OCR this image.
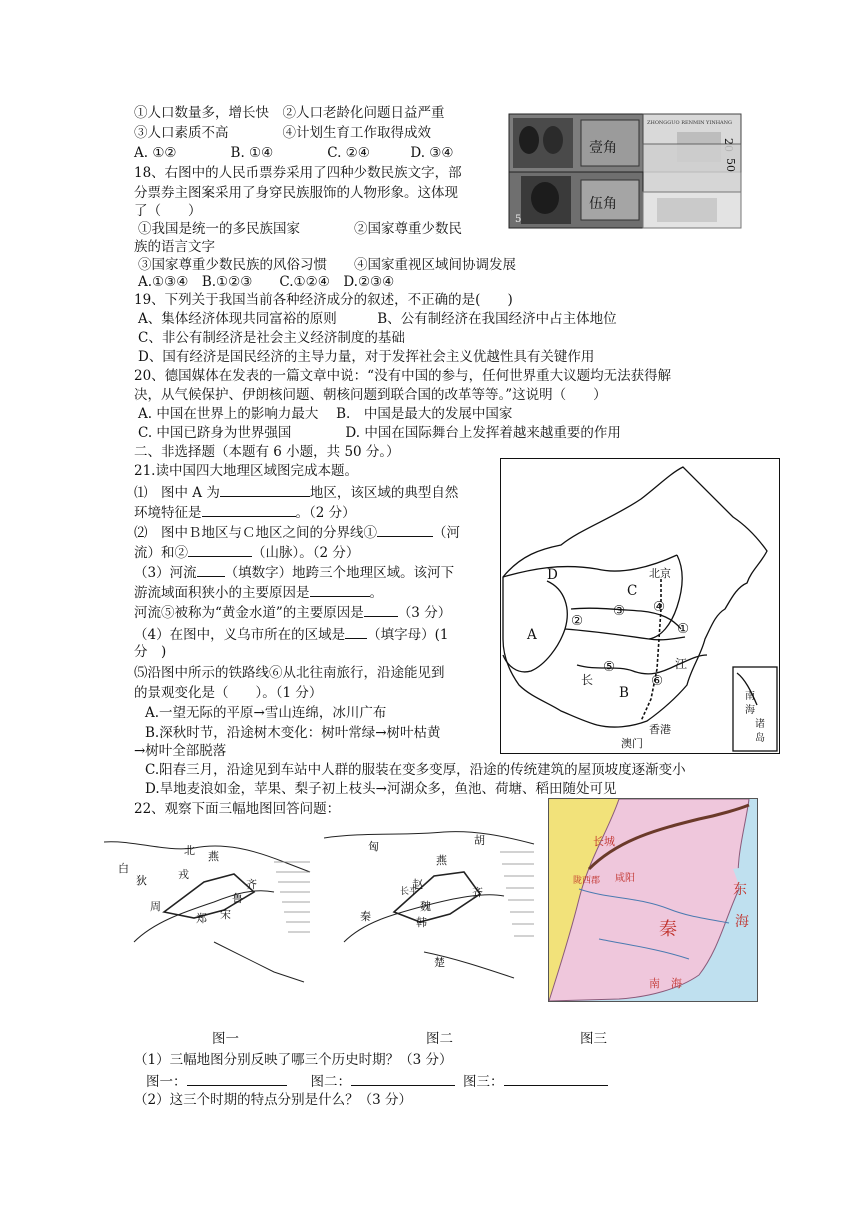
①人口数量多，增长快　②人口老龄化问题日益严重
③人口素质不高　　　　④计划生育工作取得成效
A. ①②　　　　B. ①④　　　　C. ②④　　　D. ③④
18、右图中的人民币票券采用了四种少数民族文字，部
分票券主图案采用了身穿民族服饰的人物形象。这体现
了（　　）
①我国是统一的多民族国家　　　　②国家尊重少数民
族的语言文字
③国家尊重少数民族的风俗习惯　　④国家重视区域间协调发展
A.①③④　B.①②③　　C.①②④　D.②③④
壹角
ZHONGGUO RENMIN YINHANG
50
伍角
5
19、下列关于我国当前各种经济成分的叙述，不正确的是(　　)
A、集体经济体现共同富裕的原则　　　B、公有制经济在我国经济中占主体地位
C、非公有制经济是社会主义经济制度的基础
D、国有经济是国民经济的主导力量，对于发挥社会主义优越性具有关键作用
20、德国媒体在发表的一篇文章中说：“没有中国的参与，任何世界重大议题均无法获得解
决，从气候保护、伊朗核问题、朝核问题到联合国的改革等等。”这说明（　　）
A. 中国在世界上的影响力最大　 B.　中国是最大的发展中国家
C. 中国已跻身为世界强国　　　　D. 中国在国际舞台上发挥着越来越重要的作用
二、非选择题（本题有 6 小题，共 50 分。）
21.读中国四大地理区域图完成本题。
⑴　图中 A 为	地区，该区域的典型自然
环境特征是	。（2 分）
⑵　图中Ｂ地区与Ｃ地区之间的分界线①	（河
流）和②	（山脉）。（2 分）
（3）河流 （填数字）地跨三个地理区域。该河下
游流域面积狭小的主要原因是	。
河流⑤被称为“黄金水道”的主要原因是	（3 分）
（4）在图中，义乌市所在的区域是 （填字母）(1
分　)
⑸沿图中所示的铁路线⑥从北往南旅行，沿途能见到
的景观变化是（　　）。（1 分）
A.一望无际的平原→雪山连绵，冰川广布
B.深秋时节，沿途树木变化：树叶常绿→树叶枯黄
→树叶全部脱落
C.阳春三月，沿途见到车站中人群的服装在变多变厚，沿途的传统建筑的屋顶坡度逐渐变小
D.旱地麦浪如金，苹果、梨子初上枝头→河湖众多，鱼池、荷塘、稻田随处可见
D
C
A
B
北京
江
长
香港
澳门
①
②
③ ④
⑤
⑥
南
海
诸
岛
22、观察下面三幅地图回答问题：
北 燕
戎
齐
鲁
宋
郑
周
白
狄
燕
赵
齐
魏
韩
秦
楚
胡
匈
长平
长城
咸阳
陇西郡
秦
东
海
南 海
图一	图二	图三
（1）三幅地图分别反映了哪三个历史时期？（3 分）
图一：	图二：	图三：
（2）这三个时期的特点分别是什么？（3 分）
